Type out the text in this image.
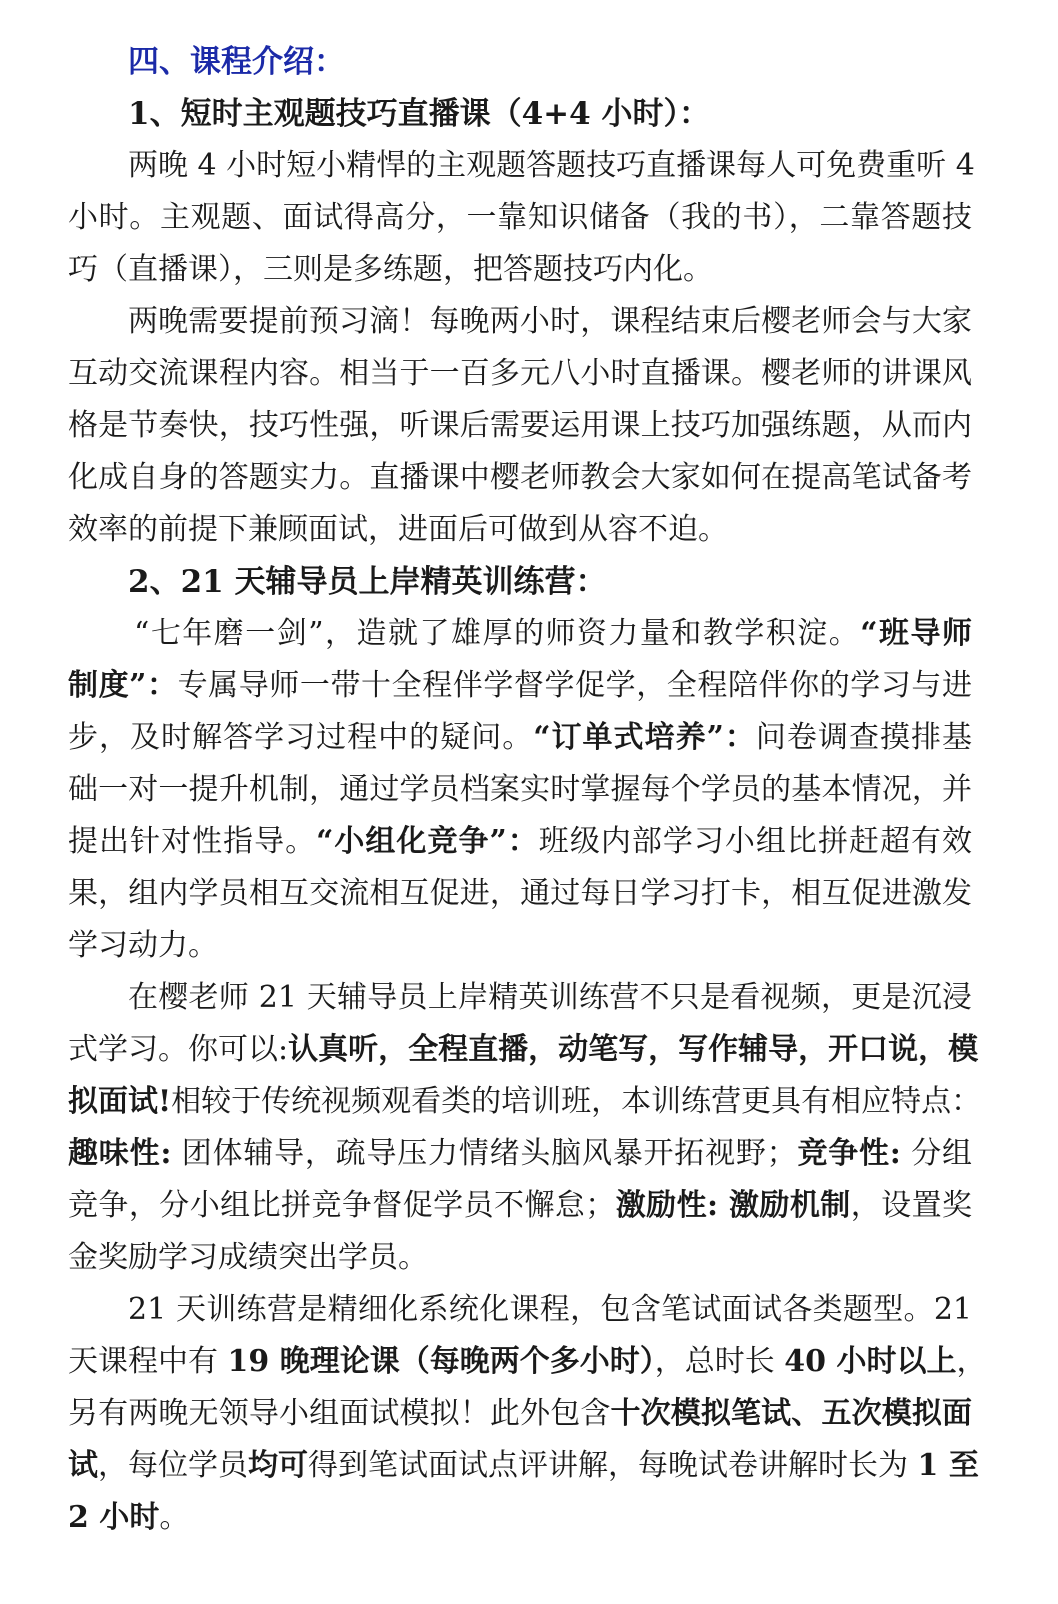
四、课程介绍：
1、短时主观题技巧直播课（4+4 小时）：
两晚 4 小时短小精悍的主观题答题技巧直播课每人可免费重听 4
小时。主观题、面试得高分，一靠知识储备（我的书），二靠答题技
巧（直播课），三则是多练题，把答题技巧内化。
两晚需要提前预习滴！每晚两小时，课程结束后樱老师会与大家
互动交流课程内容。相当于一百多元八小时直播课。樱老师的讲课风
格是节奏快，技巧性强，听课后需要运用课上技巧加强练题，从而内
化成自身的答题实力。直播课中樱老师教会大家如何在提高笔试备考
效率的前提下兼顾面试，进面后可做到从容不迫。
2、21 天辅导员上岸精英训练营：
“七年磨一剑”，造就了雄厚的师资力量和教学积淀。“班导师
制度”：专属导师一带十全程伴学督学促学，全程陪伴你的学习与进
步，及时解答学习过程中的疑问。“订单式培养”：问卷调查摸排基
础一对一提升机制，通过学员档案实时掌握每个学员的基本情况，并
提出针对性指导。“小组化竞争”：班级内部学习小组比拼赶超有效
果，组内学员相互交流相互促进，通过每日学习打卡，相互促进激发
学习动力。
在樱老师 21 天辅导员上岸精英训练营不只是看视频，更是沉浸
式学习。你可以:认真听，全程直播，动笔写，写作辅导，开口说，模
拟面试!相较于传统视频观看类的培训班，本训练营更具有相应特点：
趣味性: 团体辅导，疏导压力情绪头脑风暴开拓视野；竞争性: 分组
竞争，分小组比拼竞争督促学员不懈怠；激励性: 激励机制，设置奖
金奖励学习成绩突出学员。
21 天训练营是精细化系统化课程，包含笔试面试各类题型。21
天课程中有 19 晚理论课（每晚两个多小时），总时长 40 小时以上，
另有两晚无领导小组面试模拟！此外包含十次模拟笔试、五次模拟面
试，每位学员均可得到笔试面试点评讲解，每晚试卷讲解时长为 1 至
2 小时。
